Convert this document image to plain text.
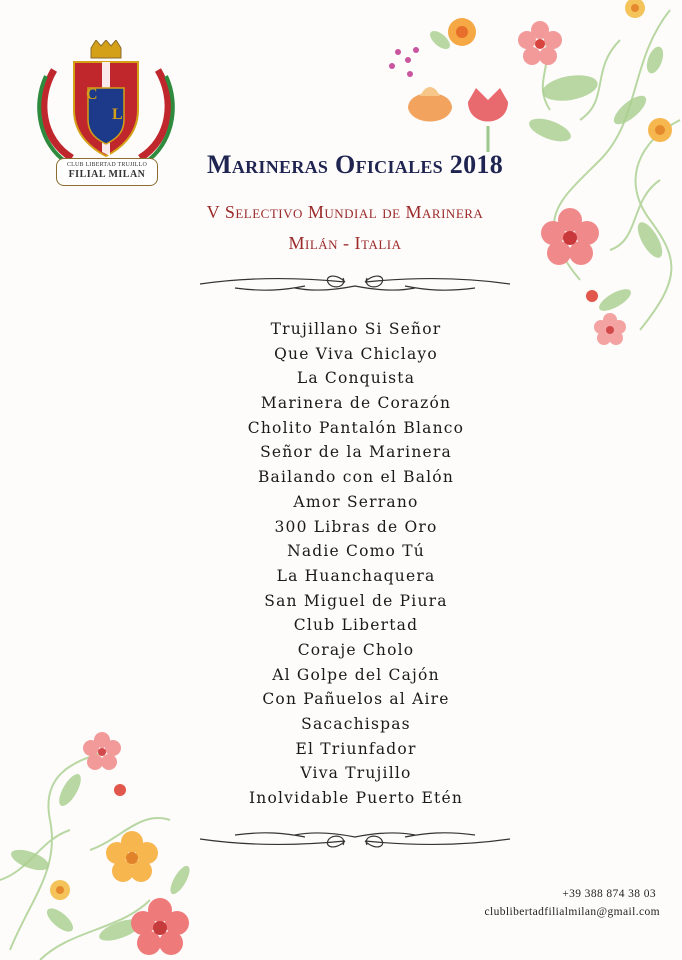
C
L
CLUB LIBERTAD TRUJILLO
FILIAL MILAN	Marineras Oficiales 2018
V Selectivo Mundial de Marinera
Milán - Italia
Trujillano Si Señor
Que Viva Chiclayo
La Conquista
Marinera de Corazón
Cholito Pantalón Blanco
Señor de la Marinera
Bailando con el Balón
Amor Serrano
300 Libras de Oro
Nadie Como Tú
La Huanchaquera
San Miguel de Piura
Club Libertad
Coraje Cholo
Al Golpe del Cajón
Con Pañuelos al Aire
Sacachispas
El Triunfador
Viva Trujillo
Inolvidable Puerto Etén
+39 388 874 38 03
clublibertadfilialmilan@gmail.com
